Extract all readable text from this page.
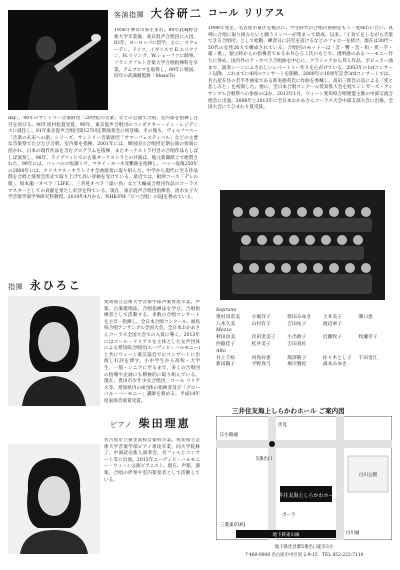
客演指揮 大谷研二
1956年神奈川県生まれ。80年武蔵野音楽大学卒業後、東京混声合唱団に入団。83年、ヨーロッパに留学、主に、スウェーデン、ドイツ、イギリスで E.エリクソン、H.リリング、W.シェーファに師事。フランクフルト音楽大学合唱指揮科を卒業、アムブロマを取得し、89年に帰国。同年の武満徹監修「MusicTo
day」、90年のサントリー音楽財団「20世紀の音楽」などの公演で合唱、室内楽を指揮し注目を浴びる。90年度村松賞受賞。90年、東京混声合唱団のコンダクター・イン・レジデンスに就任し、91年東京混声合唱団第127回定期演奏会に初登場。その後も、ヴォルフ=ペー「音楽の未来への旅」シリーズ、サントリー音楽財団「サマーフェスティバル」などの主要な音楽祭でたびたび合唱、室内楽を指揮。2001年には、韓国国立合唱団定期公演の客演に招かれ、日本の現代作品を含むプログラムを指揮、またオーケストラ付きの合唱作品もしばしば演奏し、98年、ライプツィヒでの古楽オーケストラとの共演は、地元新聞紙上で絶賛された。99年には、バッハのロ短調ミサ、マタイ・ヨハネ受難曲を指揮し、バッハ没後250年の2000年には、クリスマス・オラトリオ全曲演奏に取り組んだ。中学から現代に至る作品群を合唱と演奏会形式で取り上げて高い評価を受けている。最近では、板津コース「デレの歌」、坂本龍一オペラ「LIFE」、三善晃オペラ「遠い鳥」など大編成合唱団作品のコーラスマスターとしての貢献を果たし好評を得ている。現在、東京混声合唱団指揮者、清水女子大学音楽学部学事研究科教授。2010年4月から、NHK-FM「ビバ合唱」のDJを務めている。
コール リリアス
1998年発足。名古屋市東区を拠点に、学生時代の合唱の感動をもう一度味わいたい、真剣に合唱に取り組みたいと願うメンバーが集まって結成。以来、「子育てをしながら音楽できる合唱団」として始動。練習日に託児を設けるなどのフォローを続け、現在は30代〜50代の女性26人で構成されている。合唱団のモットーは「音・響・音・和・愛・手・厳・歌」。創立時からの指導者である永井ひろこ氏のもとで、透明感のあるハーモニー作りに努め、国内外のア・カペラ合唱曲を中心に、クラシックから邦人作品、ポピュラー曲まで、演奏シーンにふさわしいレパートリー作りを心がけている。2003年の1stコンサート以降、これまでに4回のコンサートを開催。2009年の10周年記念3rdコンサートでは、名古屋在住の若手作曲家である新実徳英氏に作曲を委嘱し、高田三郎氏の詩による「愛と悲しみと」を初演した。他に、全日本合唱コンクール愛知県大会を経てシンガーズ・アンサンブル合唱祭への参加のほか、2013年1月、ウィーン愛知県合唱連盟主催の中部交流合唱会に出演。2006年と2013年に全日本おかあさんコーラス大会中部支部大会に出場。全国大会にてひまわり賞受賞。
Soprano
奥村真奈美	小堀洋子	柴田みゆき	土井美子	溝口恵
八木久美	山村有子	吉田祐子	渡辺翠子
Mezzo
秋田由美	岸田金美子	小出綾子	近藤牧子	牧瀬幸子
西脇佳子	松井美子	吉田真紅
Alto
井上千絵	河島好恵	熊澤敬子	佐々木とし子	千田善江
新田陽子	平野真弓	堀川雅紀	森本みゆき
指揮 永ひろこ
愛知県立芸術大学音楽学部声楽専攻卒業。声楽、古楽歌唱法、合唱指揮法を学び、合唱指揮者として活動する。多数の合唱コンサートを主宰・指揮し、全日本合唱コンクール、福島県合唱アンサンブル全国大会、全日本おかあさんコーラス全国大会での入賞に導く。2013年にはコール・リリアスを主体とした女声団体による愛知県合唱団(エーヴィヒ・ハルモニー)と共にウィーン楽友協会でのコンサートに出演し好評を博す。小中学生から高校・大学生、一般・シニアに至るまで、多くの合唱団の指導や企画にも積極的に取り組んでいる。現在、豊田市少年少女合唱団、コール リリアス等、愛知県内の8団体の指揮者及び「グローバル・ハーモニー」講師を務める。平成18年度東海音楽賞受賞。
ピアノ 柴田理恵
名古屋市立菊里高校音楽科卒業。愛知県立芸術大学音楽学部ピアノ専攻卒業、同大学院修了。中部読売新人演奏会、名フィルとコンサート等に出演。2013年エーヴィヒ・ハルモニー・ウィーン公演ピアニスト。現在、声楽、器楽、合唱の伴奏や室内楽奏者として活動している。
三井住友海上しらかわホール ご案内図
三井住友海上しらかわホール
白川公園
広小路通
伏見
5番出口
ポーラ
三菱東京UFJ
白川通
地下鉄東山線
地下鉄伏見駅5番出口徒歩3分
〒460-0008 名古屋市中区栄 2-9-15　TEL 052-222-7110
